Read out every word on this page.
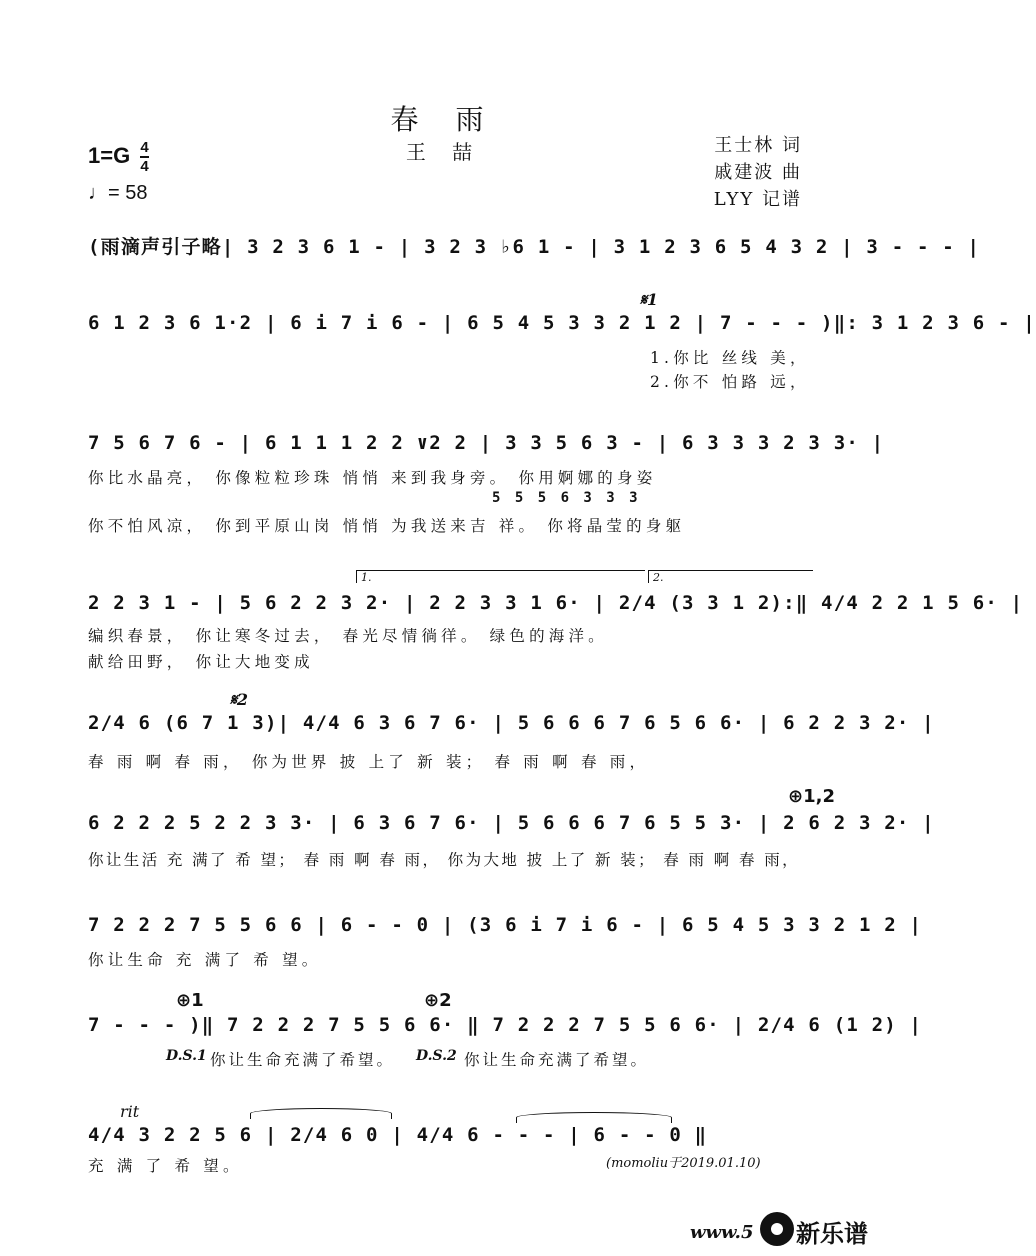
春 雨
王 喆
$1=G \frac{4}{4}$
♩= 58
王士林 词
戚建波 曲
LYY 记谱
(雨滴声引子略| 3 2 3 6 1 - | 3 2 3 ♭6 1 - | 3 1 2 3 6 5 4 3 2 | 3 - - - |
𝄋1
6 1 2 3 6 1·2 | 6 i 7 i 6 - | 6 5 4 5 3 3 2 1 2 | 7 - - - )‖: 3 1 2 3 6 - |
1.你比 丝线 美，
2.你不 怕路 远，
7 5 6 7 6 - | 6 1 1 1 2 2 ∨2 2 | 3 3 5 6 3 - | 6 3 3 3 2 3 3· |
你比水晶亮， 你像粒粒珍珠 悄悄 来到我身旁。 你用婀娜的身姿
5 5 5 6 3 3 3
你不怕风凉， 你到平原山岗 悄悄 为我送来吉 祥。 你将晶莹的身躯
1.	2.
2 2 3 1 - | 5 6 2 2 3 2· | 2 2 3 3 1 6· | 2/4 (3 3 1 2):‖ 4/4 2 2 1 5 6· |
编织春景， 你让寒冬过去， 春光尽情徜徉。 绿色的海洋。
献给田野， 你让大地变成
𝄋2
2/4 6 (6 7 1 3)| 4/4 6 3 6 7 6· | 5 6 6 6 7 6 5 6 6· | 6 2 2 3 2· |
春 雨 啊 春 雨， 你为世界 披 上了 新 装； 春 雨 啊 春 雨，
⊕1,2
6 2 2 2 5 2 2 3 3· | 6 3 6 7 6· | 5 6 6 6 7 6 5 5 3· | 2 6 2 3 2· |
你让生活 充 满了 希 望； 春 雨 啊 春 雨， 你为大地 披 上了 新 装； 春 雨 啊 春 雨，
7 2 2 2 7 5 5 6 6 | 6 - - 0 | (3 6 i 7 i 6 - | 6 5 4 5 3 3 2 1 2 |
你让生命 充 满了 希 望。
⊕1	⊕2
7 - - - )‖ 7 2 2 2 7 5 5 6 6· ‖ 7 2 2 2 7 5 5 6 6· | 2/4 6 (1 2) |
D.S.1 你让生命充满了希望。	D.S.2 你让生命充满了希望。
rit
4/4 3 2 2 5 6 | 2/4 6 0 | 4/4 6 - - - | 6 - - 0 ‖
充 满 了 希 望。	(momoliu于2019.01.10)
www.5 新乐谱
